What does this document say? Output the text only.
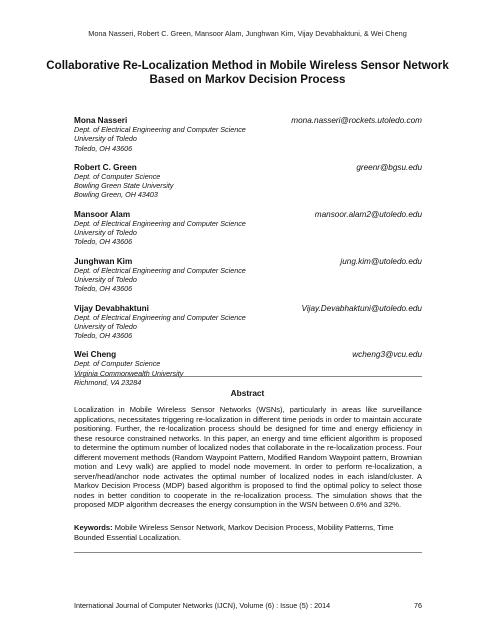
Mona Nasseri, Robert C. Green, Mansoor Alam, Junghwan Kim, Vijay Devabhaktuni, & Wei Cheng
Collaborative Re-Localization Method in Mobile Wireless Sensor Network Based on Markov Decision Process
Mona Nasseri	mona.nasseri@rockets.utoledo.com
Dept. of Electrical Engineering and Computer Science
University of Toledo
Toledo, OH 43606
Robert C. Green	greenr@bgsu.edu
Dept. of Computer Science
Bowling Green State University
Bowling Green, OH 43403
Mansoor Alam	mansoor.alam2@utoledo.edu
Dept. of Electrical Engineering and Computer Science
University of Toledo
Toledo, OH 43606
Junghwan Kim	jung.kim@utoledo.edu
Dept. of Electrical Engineering and Computer Science
University of Toledo
Toledo, OH 43606
Vijay Devabhaktuni	Vijay.Devabhaktuni@utoledo.edu
Dept. of Electrical Engineering and Computer Science
University of Toledo
Toledo, OH 43606
Wei Cheng	wcheng3@vcu.edu
Dept. of Computer Science
Virginia Commonwealth University
Richmond, VA 23284
Abstract
Localization in Mobile Wireless Sensor Networks (WSNs), particularly in areas like surveillance applications, necessitates triggering re-localization in different time periods in order to maintain accurate positioning. Further, the re-localization process should be designed for time and energy efficiency in these resource constrained networks. In this paper, an energy and time efficient algorithm is proposed to determine the optimum number of localized nodes that collaborate in the re-localization process. Four different movement methods (Random Waypoint Pattern, Modified Random Waypoint pattern, Brownian motion and Levy walk) are applied to model node movement. In order to perform re-localization, a server/head/anchor node activates the optimal number of localized nodes in each island/cluster. A Markov Decision Process (MDP) based algorithm is proposed to find the optimal policy to select those nodes in better condition to cooperate in the re-localization process. The simulation shows that the proposed MDP algorithm decreases the energy consumption in the WSN between 0.6% and 32%.
Keywords: Mobile Wireless Sensor Network, Markov Decision Process, Mobility Patterns, Time Bounded Essential Localization.
International Journal of Computer Networks (IJCN), Volume (6) : Issue (5) : 2014	76
